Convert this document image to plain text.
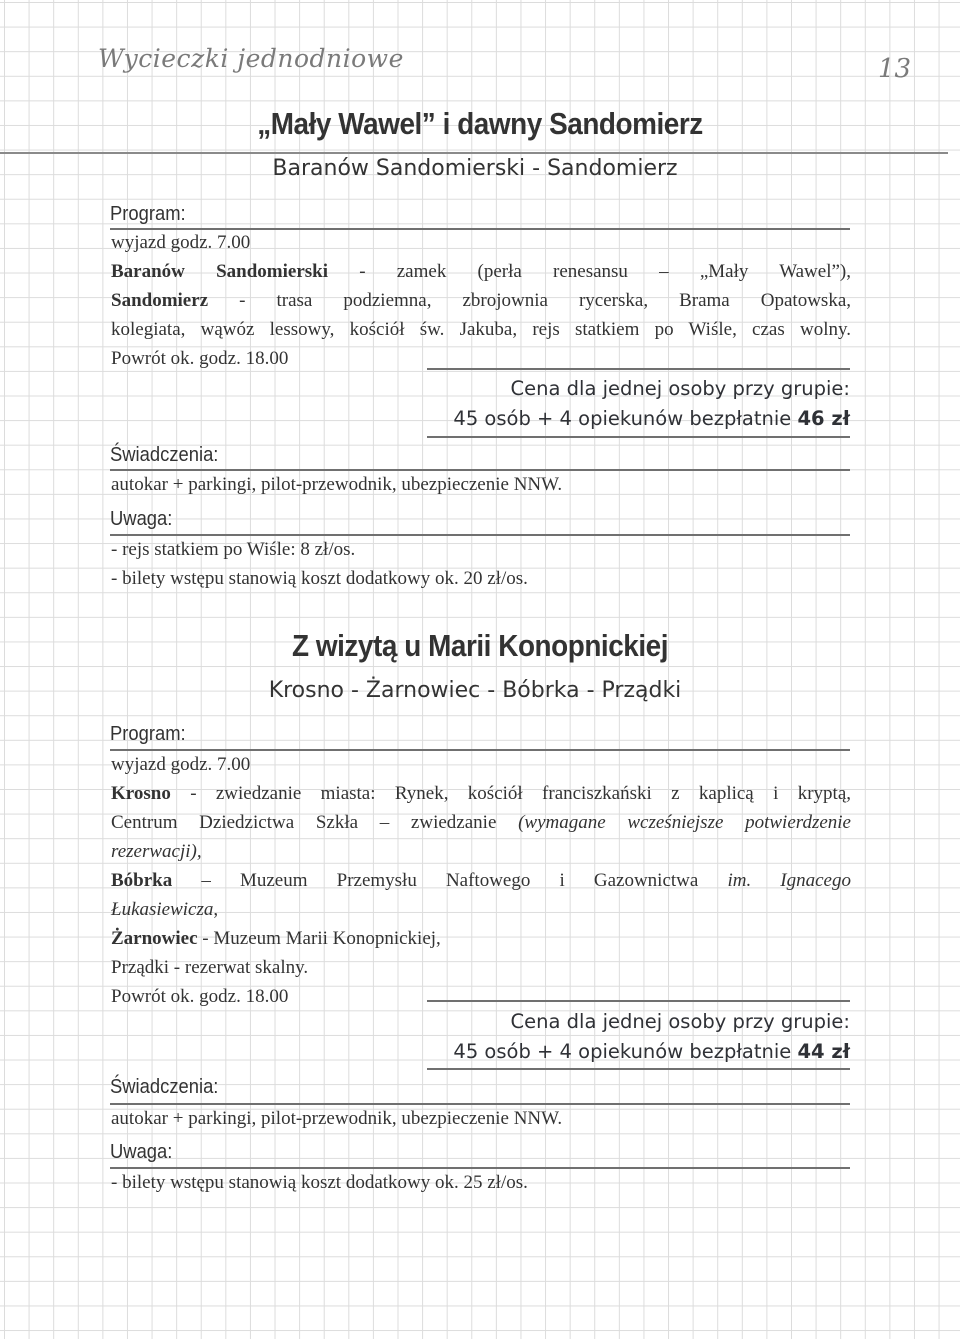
Wycieczki jednodniowe	13
„Mały Wawel” i dawny Sandomierz
Baranów Sandomierski - Sandomierz
Program:
wyjazd godz. 7.00
Baranów Sandomierski - zamek (perła renesansu – „Mały Wawel”),
Sandomierz - trasa podziemna, zbrojownia rycerska, Brama Opatowska,
kolegiata, wąwóz lessowy, kościół św. Jakuba, rejs statkiem po Wiśle, czas wolny.
Powrót ok. godz. 18.00
Cena dla jednej osoby przy grupie:
45 osób + 4 opiekunów bezpłatnie 46 zł
Świadczenia:
autokar + parkingi, pilot-przewodnik, ubezpieczenie NNW.
Uwaga:
- rejs statkiem po Wiśle: 8 zł/os.
- bilety wstępu stanowią koszt dodatkowy ok. 20 zł/os.
Z wizytą u Marii Konopnickiej
Krosno - Żarnowiec - Bóbrka - Prządki
Program:
wyjazd godz. 7.00
Krosno - zwiedzanie miasta: Rynek, kościół franciszkański z kaplicą i kryptą,
Centrum Dziedzictwa Szkła – zwiedzanie (wymagane wcześniejsze potwierdzenie
rezerwacji),
Bóbrka – Muzeum Przemysłu Naftowego i Gazownictwa im. Ignacego
Łukasiewicza,
Żarnowiec - Muzeum Marii Konopnickiej,
Prządki - rezerwat skalny.
Powrót ok. godz. 18.00
Cena dla jednej osoby przy grupie:
45 osób + 4 opiekunów bezpłatnie 44 zł
Świadczenia:
autokar + parkingi, pilot-przewodnik, ubezpieczenie NNW.
Uwaga:
- bilety wstępu stanowią koszt dodatkowy ok. 25 zł/os.
